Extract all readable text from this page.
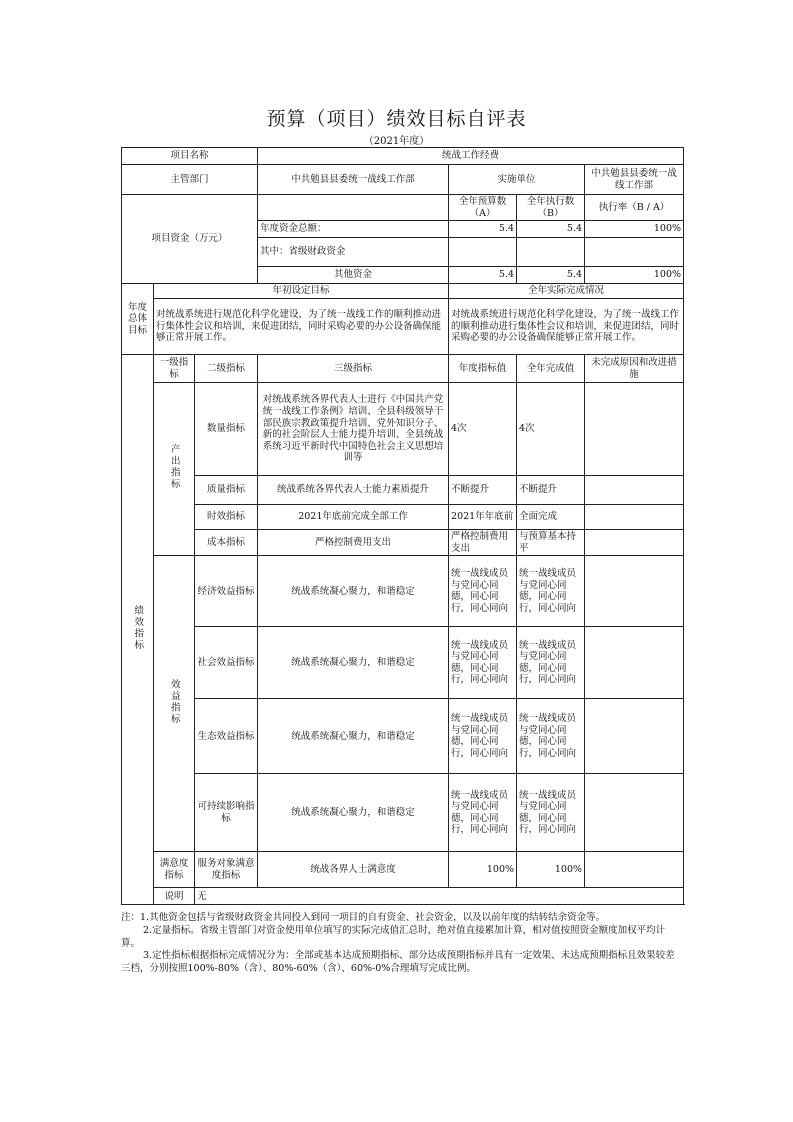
预算（项目）绩效目标自评表
（2021年度）
项目名称			统战工作经费			
主管部门			中共勉县县委统一战线工作部	实施单位		中共勉县县委统一战线工作部
项目资金（万元）				全年预算数（A）	全年执行数（B）	执行率（B / A）
			年度资金总额：	5.4	5.4	100%
			其中：省级财政资金			
			其他资金	5.4	5.4	100%
年度总体目标	年初设定目标			全年实际完成情况		
	对统战系统进行规范化科学化建设，为了统一战线工作的顺利推动进行集体性会议和培训，来促进团结，同时采购必要的办公设备确保能够正常开展工作。			对统战系统进行规范化科学化建设，为了统一战线工作的顺利推动进行集体性会议和培训，来促进团结，同时采购必要的办公设备确保能够正常开展工作。		
绩效指标	一级指标	二级指标	三级指标	年度指标值	全年完成值	未完成原因和改进措施
	产出指标	数量指标	对统战系统各界代表人士进行《中国共产党统一战线工作条例》培训、全县科级领导干部民族宗教政策提升培训、党外知识分子、新的社会阶层人士能力提升培训、全县统战系统习近平新时代中国特色社会主义思想培训等	4次	4次	
		质量指标	统战系统各界代表人士能力素质提升	不断提升	不断提升	
		时效指标	2021年底前完成全部工作	2021年年底前	全面完成	
		成本指标	严格控制费用支出	严格控制费用支出	与预算基本持平	
	效益指标	经济效益指标	统战系统凝心聚力，和谐稳定	统一战线成员与党同心同德，同心同行，同心同向	统一战线成员与党同心同德，同心同行，同心同向	
		社会效益指标	统战系统凝心聚力，和谐稳定	统一战线成员与党同心同德，同心同行，同心同向	统一战线成员与党同心同德，同心同行，同心同向	
		生态效益指标	统战系统凝心聚力，和谐稳定	统一战线成员与党同心同德，同心同行，同心同向	统一战线成员与党同心同德，同心同行，同心同向	
		可持续影响指标	统战系统凝心聚力，和谐稳定	统一战线成员与党同心同德，同心同行，同心同向	统一战线成员与党同心同德，同心同行，同心同向	
	满意度指标	服务对象满意度指标	统战各界人士满意度	100%	100%	
	说明	无				

注：1.其他资金包括与省级财政资金共同投入到同一项目的自有资金、社会资金，以及以前年度的结转结余资金等。

2.定量指标。省级主管部门对资金使用单位填写的实际完成值汇总时，绝对值直接累加计算，相对值按照资金额度加权平均计算。

3.定性指标根据指标完成情况分为：全部或基本达成预期指标、部分达成预期指标并具有一定效果、未达成预期指标且效果较差三档，分别按照100%-80%（含）、80%-60%（含）、60%-0%合理填写完成比例。
